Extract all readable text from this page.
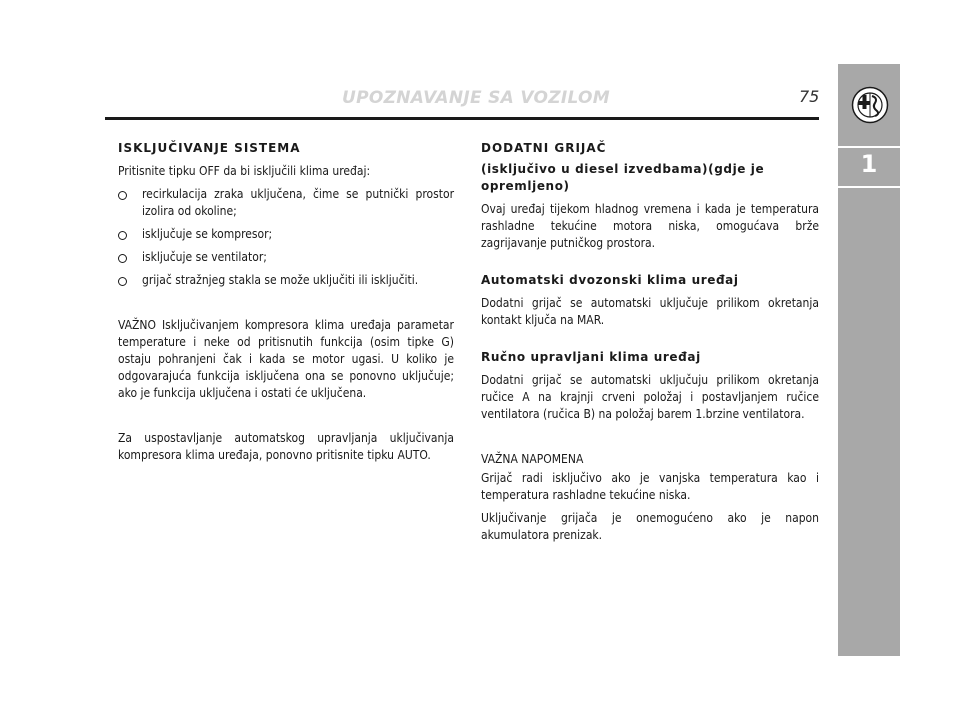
UPOZNAVANJE SA VOZILOM	75
1
ISKLJUČIVANJE SISTEMA

Pritisnite tipku OFF da bi isključili klima uređaj:

recirkulacija zraka uključena, čime se putnički prostor izolira od okoline;
isključuje se kompresor;
isključuje se ventilator;
grijač stražnjeg stakla se može uključiti ili isključiti.

VAŽNO Isključivanjem kompresora klima uređaja parametar temperature i neke od pritisnutih funkcija (osim tipke G) ostaju pohranjeni čak i kada se motor ugasi. U koliko je odgovarajuća funkcija isključena ona se ponovno uključuje; ako je funkcija uključena i ostati će uključena.

Za uspostavljanje automatskog upravljanja uključivanja kompresora klima uređaja, ponovno pritisnite tipku AUTO.

DODATNI GRIJAČ
(isključivo u diesel izvedbama)(gdje je opremljeno)

Ovaj uređaj tijekom hladnog vremena i kada je temperatura rashladne tekućine motora niska, omogućava brže zagrijavanje putničkog prostora.

Automatski dvozonski klima uređaj

Dodatni grijač se automatski uključuje prilikom okretanja kontakt ključa na MAR.

Ručno upravljani klima uređaj

Dodatni grijač se automatski uključuju prilikom okretanja ručice A na krajnji crveni položaj i postavljanjem ručice ventilatora (ručica B) na položaj barem 1.brzine ventilatora.

VAŽNA NAPOMENA

Grijač radi isključivo ako je vanjska temperatura kao i temperatura rashladne tekućine niska.

Uključivanje grijača je onemogućeno ako je napon akumulatora prenizak.
